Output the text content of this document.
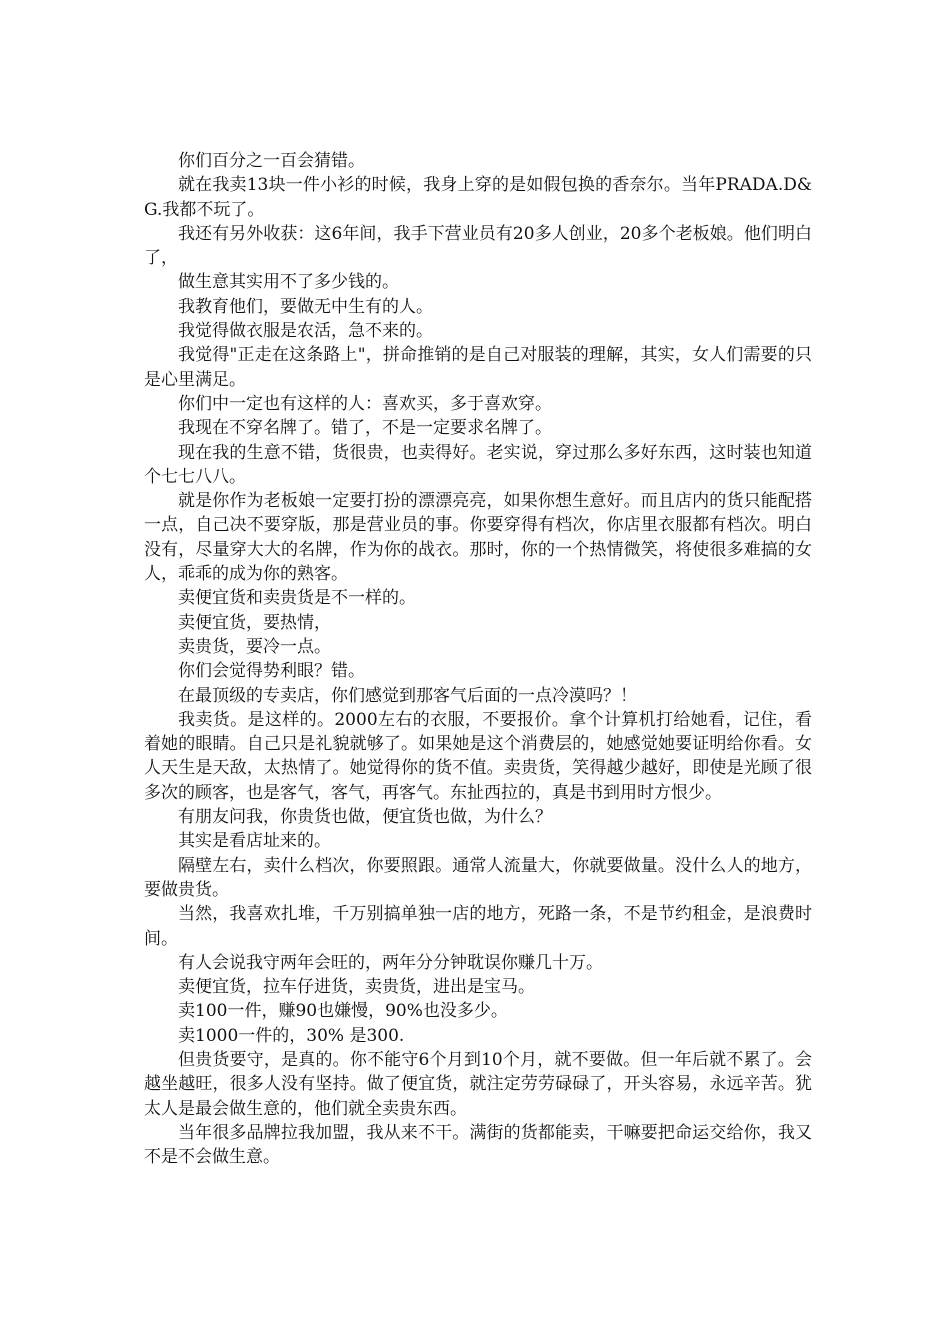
你们百分之一百会猜错。

就在我卖13块一件小衫的时候，我身上穿的是如假包换的香奈尔。当年PRADA.D&G.我都不玩了。

我还有另外收获：这6年间，我手下营业员有20多人创业，20多个老板娘。他们明白了，

做生意其实用不了多少钱的。

我教育他们，要做无中生有的人。

我觉得做衣服是农活，急不来的。

我觉得"正走在这条路上"，拼命推销的是自己对服装的理解，其实，女人们需要的只是心里满足。

你们中一定也有这样的人：喜欢买，多于喜欢穿。

我现在不穿名牌了。错了，不是一定要求名牌了。

现在我的生意不错，货很贵，也卖得好。老实说，穿过那么多好东西，这时装也知道个七七八八。

就是你作为老板娘一定要打扮的漂漂亮亮，如果你想生意好。而且店内的货只能配搭一点，自己决不要穿版，那是营业员的事。你要穿得有档次，你店里衣服都有档次。明白没有，尽量穿大大的名牌，作为你的战衣。那时，你的一个热情微笑，将使很多难搞的女人，乖乖的成为你的熟客。

卖便宜货和卖贵货是不一样的。

卖便宜货，要热情，

卖贵货，要冷一点。

你们会觉得势利眼？错。

在最顶级的专卖店，你们感觉到那客气后面的一点冷漠吗？！

我卖货。是这样的。2000左右的衣服，不要报价。拿个计算机打给她看，记住，看着她的眼睛。自己只是礼貌就够了。如果她是这个消费层的，她感觉她要证明给你看。女人天生是天敌，太热情了。她觉得你的货不值。卖贵货，笑得越少越好，即使是光顾了很多次的顾客，也是客气，客气，再客气。东扯西拉的，真是书到用时方恨少。

有朋友问我，你贵货也做，便宜货也做，为什么？

其实是看店址来的。

隔壁左右，卖什么档次，你要照跟。通常人流量大，你就要做量。没什么人的地方，要做贵货。

当然，我喜欢扎堆，千万别搞单独一店的地方，死路一条，不是节约租金，是浪费时间。

有人会说我守两年会旺的，两年分分钟耽误你赚几十万。

卖便宜货，拉车仔进货，卖贵货，进出是宝马。

卖100一件，赚90也嫌慢，90%也没多少。

卖1000一件的，30% 是300.

但贵货要守，是真的。你不能守6个月到10个月，就不要做。但一年后就不累了。会越坐越旺，很多人没有坚持。做了便宜货，就注定劳劳碌碌了，开头容易，永远辛苦。犹太人是最会做生意的，他们就全卖贵东西。

当年很多品牌拉我加盟，我从来不干。满街的货都能卖，干嘛要把命运交给你，我又不是不会做生意。
